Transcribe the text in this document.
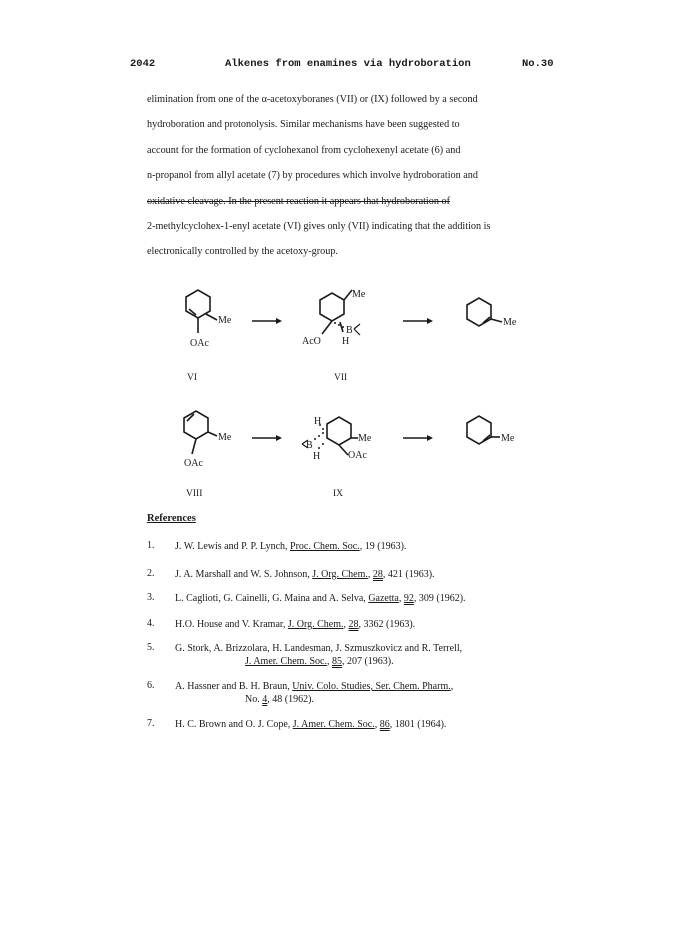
2042	Alkenes from enamines via hydroboration	No.30

elimination from one of the α-acetoxyboranes (VII) or (IX) followed by a second

hydroboration and protonolysis. Similar mechanisms have been suggested to

account for the formation of cyclohexanol from cyclohexenyl acetate (6) and

n-propanol from allyl acetate (7) by procedures which involve hydroboration and

oxidative cleavage. In the present reaction it appears that hydroboration of

2-methylcyclohex-1-enyl acetate (VI) gives only (VII) indicating that the addition is

electronically controlled by the acetoxy-group.

Me
OAc
VI
Me
B
H
AcO
VII
Me
Me
OAc
VIII
H
B
H
Me
OAc
IX
Me
References
1. J. W. Lewis and P. P. Lynch, Proc. Chem. Soc., 19 (1963).
2. J. A. Marshall and W. S. Johnson, J. Org. Chem., 28, 421 (1963).
3. L. Caglioti, G. Cainelli, G. Maina and A. Selva, Gazetta, 92, 309 (1962).
4. H.O. House and V. Kramar, J. Org. Chem., 28, 3362 (1963).
5. G. Stork, A. Brizzolara, H. Landesman, J. Szmuszkovicz and R. Terrell,
J. Amer. Chem. Soc., 85, 207 (1963).
6. A. Hassner and B. H. Braun, Univ. Colo. Studies, Ser. Chem. Pharm.,
No. 4, 48 (1962).
7. H. C. Brown and O. J. Cope, J. Amer. Chem. Soc., 86, 1801 (1964).
